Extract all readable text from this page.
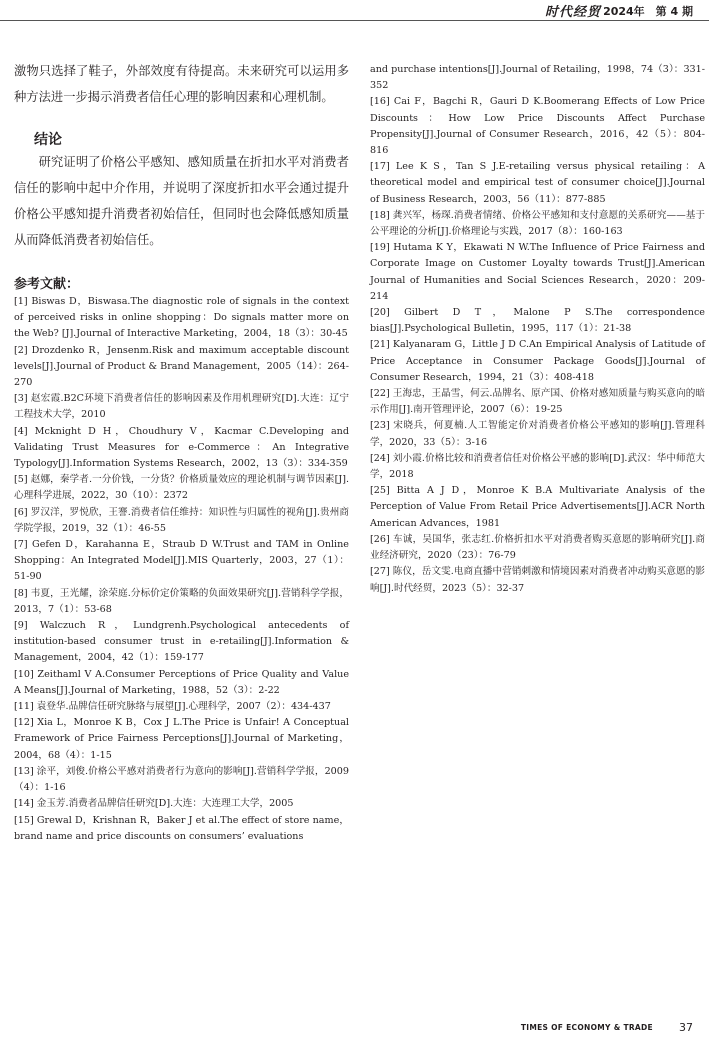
时代经贸 2024年　第 4 期

激物只选择了鞋子，外部效度有待提高。未来研究可以运用多种方法进一步揭示消费者信任心理的影响因素和心理机制。

结论

研究证明了价格公平感知、感知质量在折扣水平对消费者信任的影响中起中介作用，并说明了深度折扣水平会通过提升价格公平感知提升消费者初始信任，但同时也会降低感知质量从而降低消费者初始信任。

参考文献：

[1] Biswas D，Biswasa.The diagnostic role of signals in the context of perceived risks in online shopping：Do signals matter more on the Web? [J].Journal of Interactive Marketing，2004，18（3）：30-45

[2] Drozdenko R，Jensenm.Risk and maximum acceptable discount levels[J].Journal of Product & Brand Management，2005（14）：264-270

[3] 赵宏霞.B2C环境下消费者信任的影响因素及作用机理研究[D].大连：辽宁工程技术大学，2010

[4] Mcknight D H，Choudhury V，Kacmar C.Developing and Validating Trust Measures for e-Commerce：An Integrative Typology[J].Information Systems Research，2002，13（3）：334-359

[5] 赵娜，秦学者.一分价钱，一分货？价格质量效应的理论机制与调节因素[J].心理科学进展，2022，30（10）：2372

[6] 罗汉洋，罗悦欣，王謇.消费者信任维持：知识性与归属性的视角[J].贵州商学院学报，2019，32（1）：46-55

[7] Gefen D，Karahanna E，Straub D W.Trust and TAM in Online Shopping：An Integrated Model[J].MIS Quarterly，2003，27（1）：51-90

[8] 韦夏，王光耀，涂荣庭.分标价定价策略的负面效果研究[J].营销科学学报，2013，7（1）：53-68

[9] Walczuch R，Lundgrenh.Psychological antecedents of institution-based consumer trust in e-retailing[J].Information & Management，2004，42（1）：159-177

[10] Zeithaml V A.Consumer Perceptions of Price Quality and Value A Means[J].Journal of Marketing，1988，52（3）：2-22

[11] 袁登华.品牌信任研究脉络与展望[J].心理科学，2007（2）：434-437

[12] Xia L，Monroe K B，Cox J L.The Price is Unfair! A Conceptual Framework of Price Fairness Perceptions[J].Journal of Marketing，2004，68（4）：1-15

[13] 涂平，刘俊.价格公平感对消费者行为意向的影响[J].营销科学学报，2009（4）：1-16

[14] 金玉芳.消费者品牌信任研究[D].大连：大连理工大学，2005

[15] Grewal D，Krishnan R，Baker J et al.The effect of store name，brand name and price discounts on consumers’ evaluations

and purchase intentions[J].Journal of Retailing，1998，74（3）：331-352

[16] Cai F，Bagchi R，Gauri D K.Boomerang Effects of Low Price Discounts：How Low Price Discounts Affect Purchase Propensity[J].Journal of Consumer Research，2016，42（5）：804-816

[17] Lee K S，Tan S J.E-retailing versus physical retailing：A theoretical model and empirical test of consumer choice[J].Journal of Business Research，2003，56（11）：877-885

[18] 龚兴军，杨琛.消费者情绪、价格公平感知和支付意愿的关系研究——基于公平理论的分析[J].价格理论与实践，2017（8）：160-163

[19] Hutama K Y，Ekawati N W.The Influence of Price Fairness and Corporate Image on Customer Loyalty towards Trust[J].American Journal of Humanities and Social Sciences Research，2020：209-214

[20] Gilbert D T，Malone P S.The correspondence bias[J].Psychological Bulletin，1995，117（1）：21-38

[21] Kalyanaram G，Little J D C.An Empirical Analysis of Latitude of Price Acceptance in Consumer Package Goods[J].Journal of Consumer Research，1994，21（3）：408-418

[22] 王海忠，王晶雪，何云.品牌名、原产国、价格对感知质量与购买意向的暗示作用[J].南开管理评论，2007（6）：19-25

[23] 宋晓兵，何夏楠.人工智能定价对消费者价格公平感知的影响[J].管理科学，2020，33（5）：3-16

[24] 刘小霞.价格比较和消费者信任对价格公平感的影响[D].武汉：华中师范大学，2018

[25] Bitta A J D，Monroe K B.A Multivariate Analysis of the Perception of Value From Retail Price Advertisements[J].ACR North American Advances，1981

[26] 车诚，吴国华，张志红.价格折扣水平对消费者购买意愿的影响研究[J].商业经济研究，2020（23）：76-79

[27] 陈仪，岳文雯.电商直播中营销刺激和情境因素对消费者冲动购买意愿的影响[J].时代经贸，2023（5）：32-37

TIMES OF ECONOMY & TRADE 37
